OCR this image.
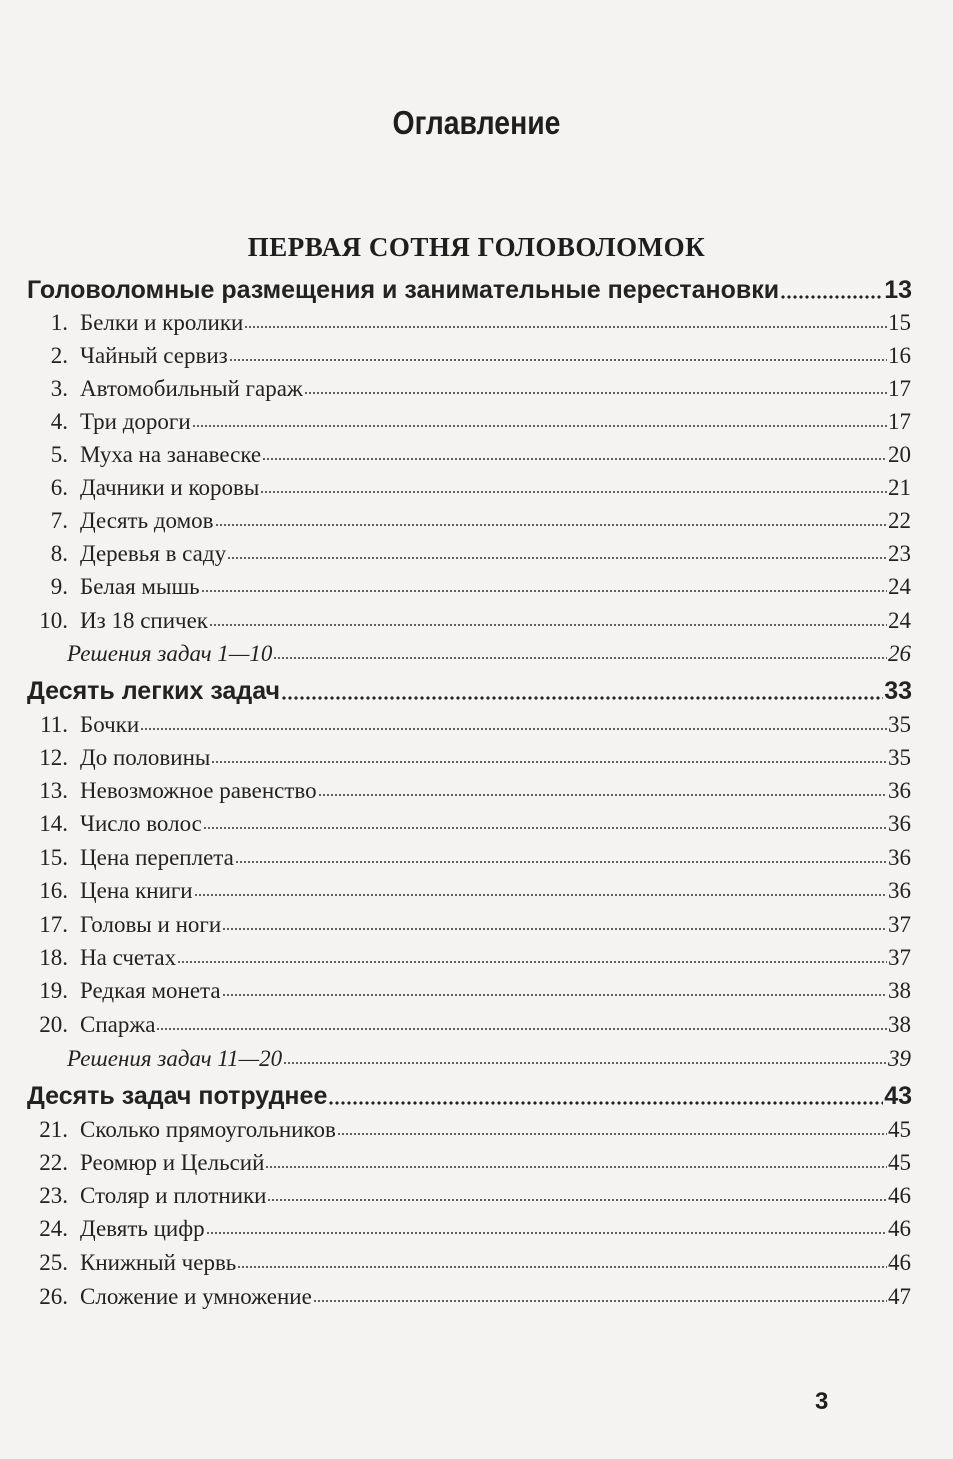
Оглавление
ПЕРВАЯ СОТНЯ ГОЛОВОЛОМОК
Головоломные размещения и занимательные перестановки	13
1. Белки и кролики	15
2. Чайный сервиз	16
3. Автомобильный гараж	17
4. Три дороги	17
5. Муха на занавеске	20
6. Дачники и коровы	21
7. Десять домов	22
8. Деревья в саду	23
9. Белая мышь	24
10. Из 18 спичек	24
Решения задач 1—10	26
Десять легких задач	33
11. Бочки	35
12. До половины	35
13. Невозможное равенство	36
14. Число волос	36
15. Цена переплета	36
16. Цена книги	36
17. Головы и ноги	37
18. На счетах	37
19. Редкая монета	38
20. Спаржа	38
Решения задач 11—20	39
Десять задач потруднее	43
21. Сколько прямоугольников	45
22. Реомюр и Цельсий	45
23. Столяр и плотники	46
24. Девять цифр	46
25. Книжный червь	46
26. Сложение и умножение	47
3
